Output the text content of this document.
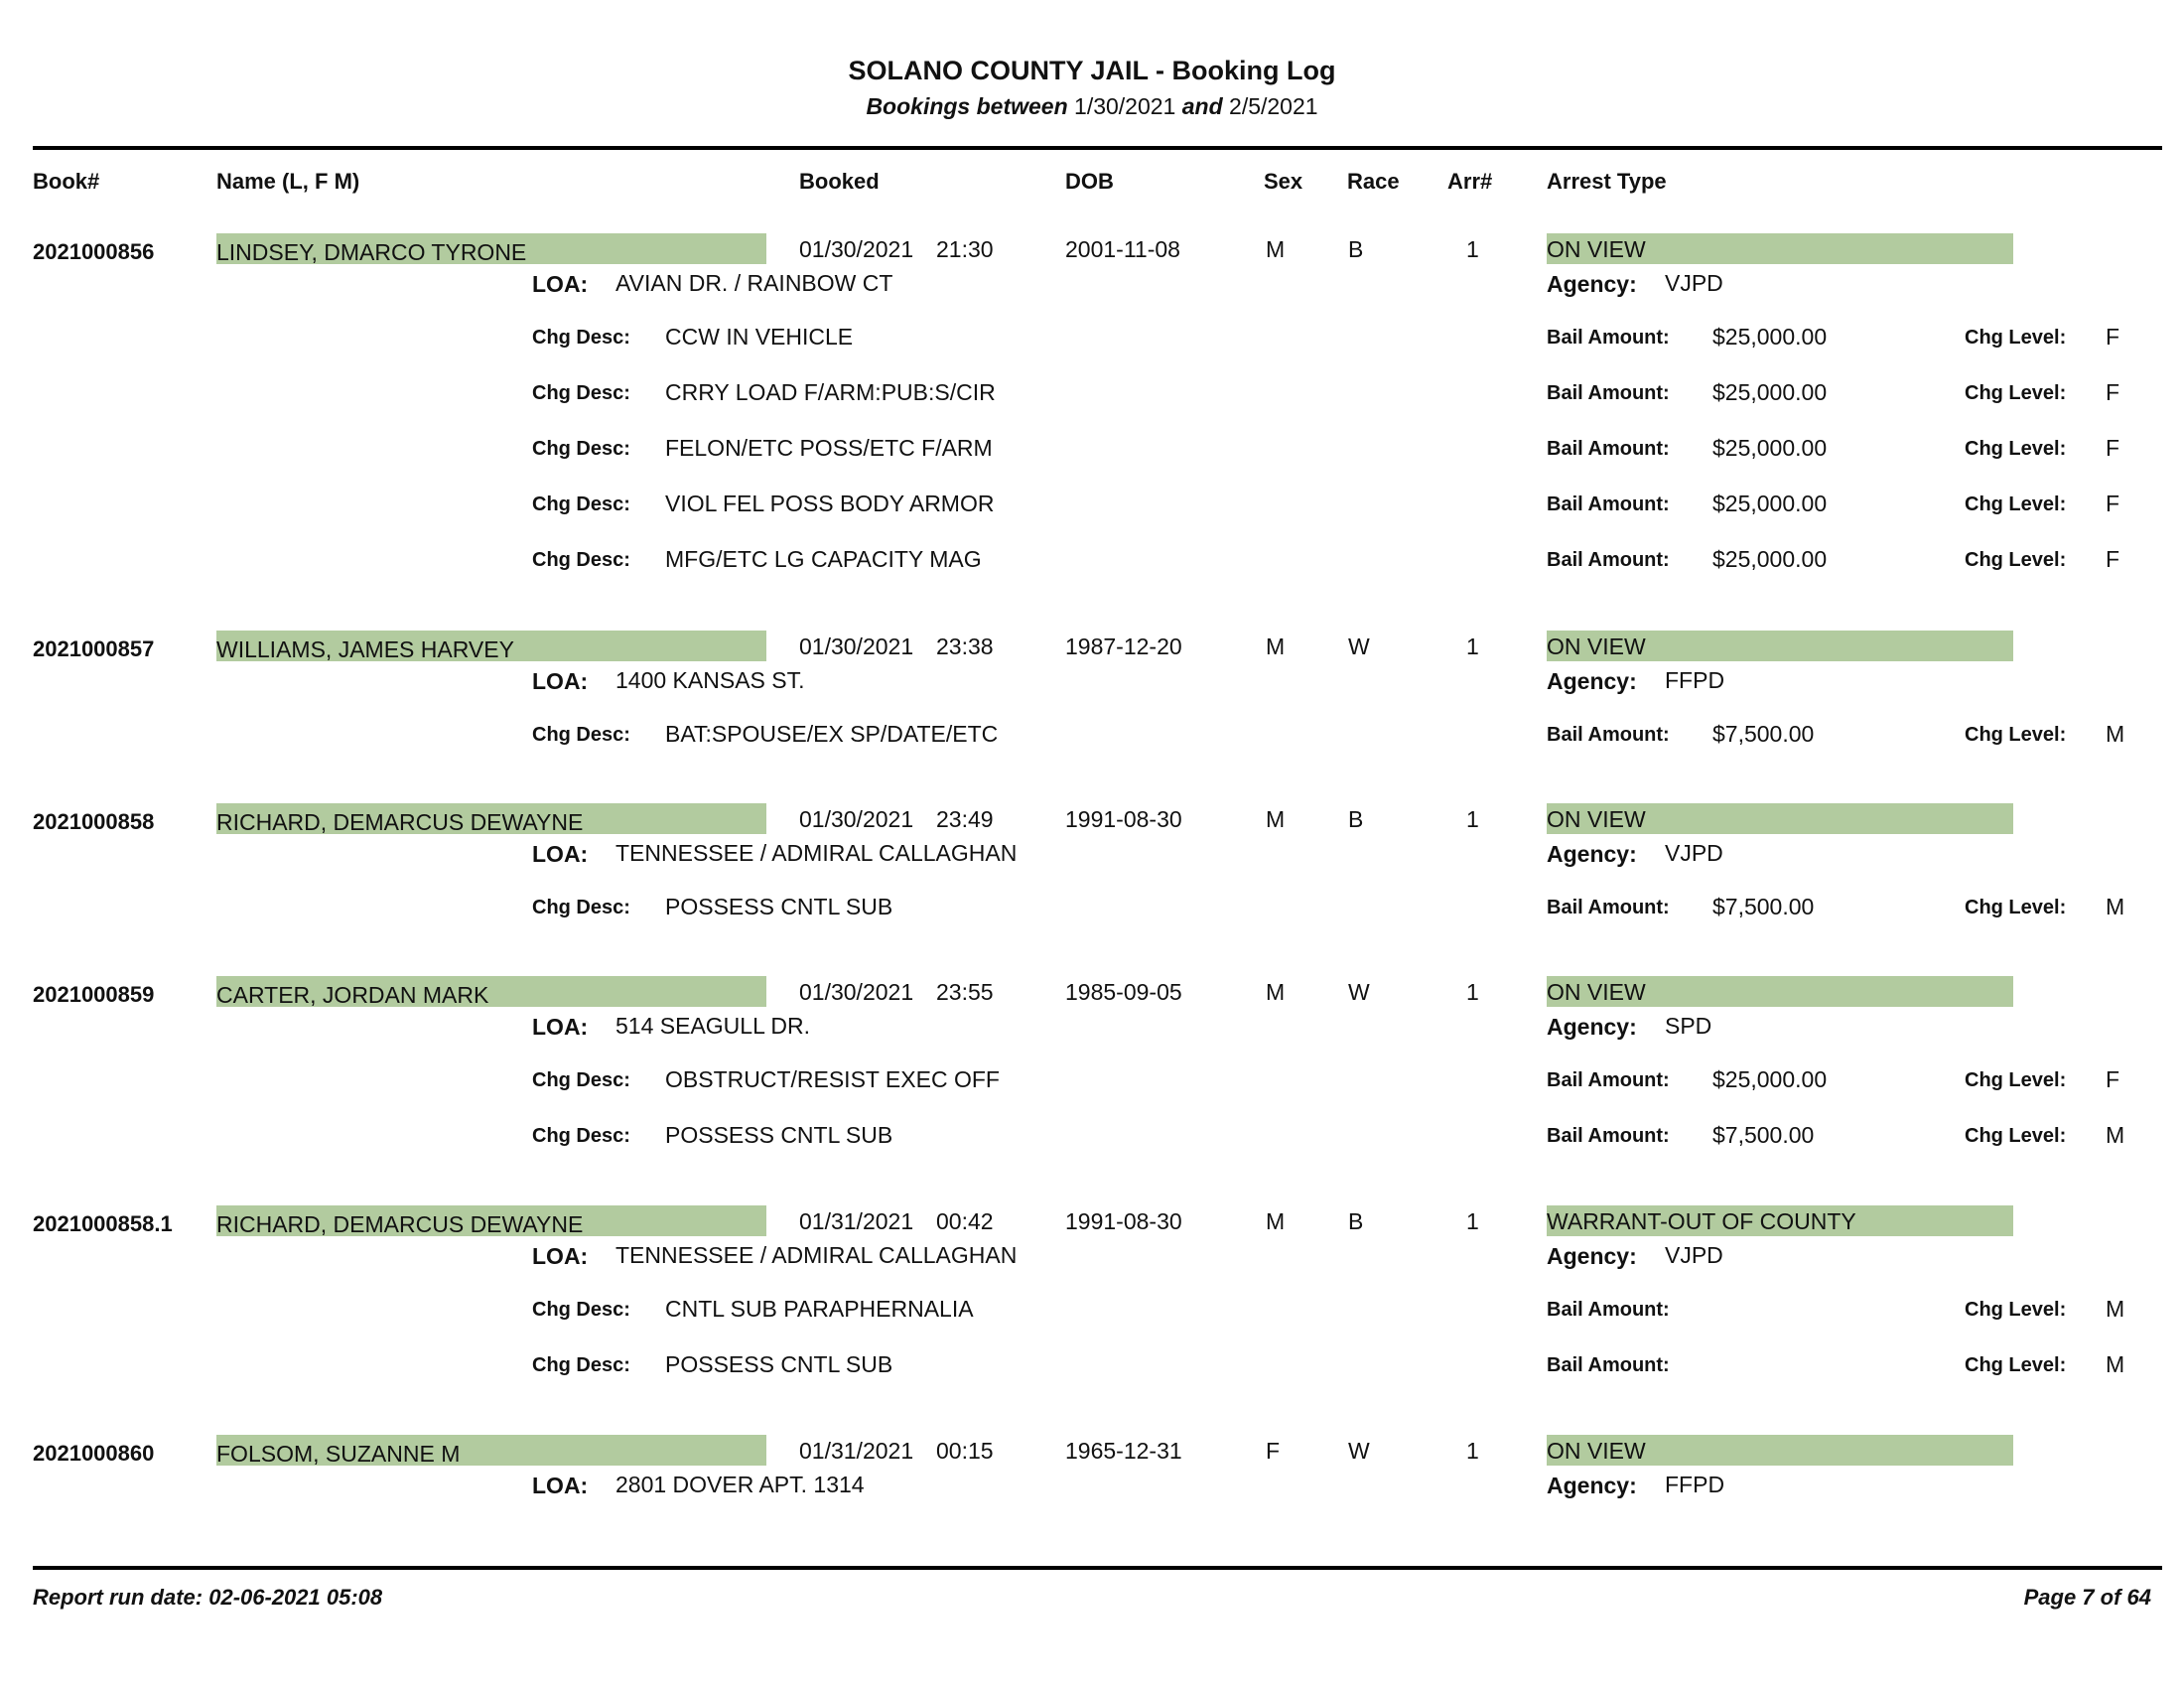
SOLANO COUNTY JAIL - Booking Log
Bookings between 1/30/2021 and 2/5/2021
Book#	Name (L, F M)	Booked	DOB	Sex Race Arr# Arrest Type
2021000856	LINDSEY, DMARCO TYRONE	01/30/2021 21:30	2001-11-08	M	B	1	ON VIEW
LOA: AVIAN DR. / RAINBOW CT	Agency: VJPD
Chg Desc: CCW IN VEHICLE	Bail Amount: $25,000.00	Chg Level: F
Chg Desc: CRRY LOAD F/ARM:PUB:S/CIR	Bail Amount: $25,000.00	Chg Level: F
Chg Desc: FELON/ETC POSS/ETC F/ARM	Bail Amount: $25,000.00	Chg Level: F
Chg Desc: VIOL FEL POSS BODY ARMOR	Bail Amount: $25,000.00	Chg Level: F
Chg Desc: MFG/ETC LG CAPACITY MAG	Bail Amount: $25,000.00	Chg Level: F
2021000857	WILLIAMS, JAMES HARVEY	01/30/2021 23:38	1987-12-20	M	W	1	ON VIEW
LOA: 1400 KANSAS ST.	Agency: FFPD
Chg Desc: BAT:SPOUSE/EX SP/DATE/ETC	Bail Amount: $7,500.00	Chg Level: M
2021000858	RICHARD, DEMARCUS DEWAYNE	01/30/2021 23:49	1991-08-30	M	B	1	ON VIEW
LOA: TENNESSEE / ADMIRAL CALLAGHAN	Agency: VJPD
Chg Desc: POSSESS CNTL SUB	Bail Amount: $7,500.00	Chg Level: M
2021000859	CARTER, JORDAN MARK	01/30/2021 23:55	1985-09-05	M	W	1	ON VIEW
LOA: 514 SEAGULL DR.	Agency: SPD
Chg Desc: OBSTRUCT/RESIST EXEC OFF	Bail Amount: $25,000.00	Chg Level: F
Chg Desc: POSSESS CNTL SUB	Bail Amount: $7,500.00	Chg Level: M
2021000858.1 RICHARD, DEMARCUS DEWAYNE	01/31/2021 00:42	1991-08-30	M	B	1	WARRANT-OUT OF COUNTY
LOA: TENNESSEE / ADMIRAL CALLAGHAN	Agency: VJPD
Chg Desc: CNTL SUB PARAPHERNALIA	Bail Amount:	Chg Level: M
Chg Desc: POSSESS CNTL SUB	Bail Amount:	Chg Level: M
2021000860	FOLSOM, SUZANNE M	01/31/2021 00:15	1965-12-31	F	W	1	ON VIEW
LOA: 2801 DOVER APT. 1314	Agency: FFPD
Report run date: 02-06-2021 05:08	Page 7 of 64
